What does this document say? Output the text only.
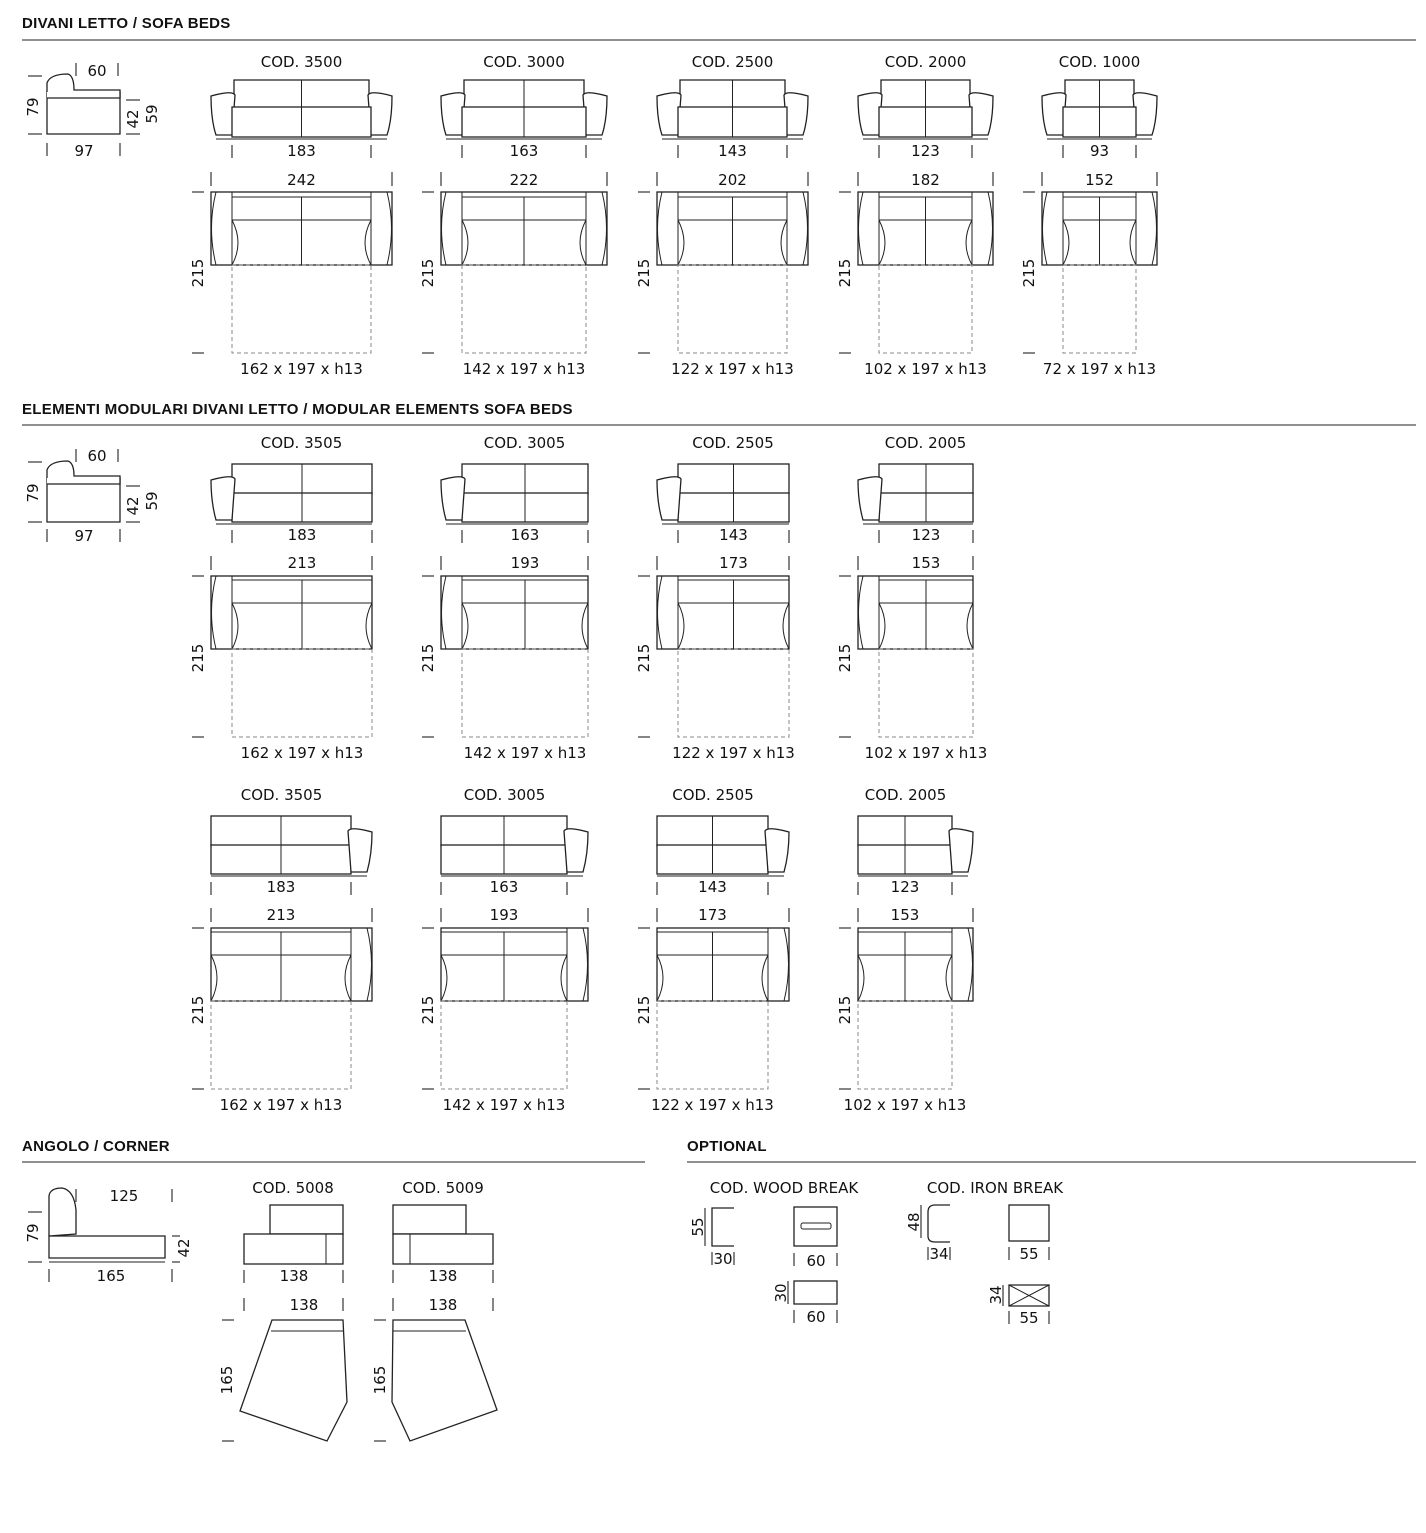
DIVANI LETTO / SOFA BEDS
ELEMENTI MODULARI DIVANI LETTO / MODULAR ELEMENTS SOFA BEDS
ANGOLO / CORNER	OPTIONAL
60
79
42 59
97
60
79
42 59
97
COD. 3500
183
242
215
162 x 197 x h13
COD. 3000
163
222
215
142 x 197 x h13
COD. 2500
143
202
215
122 x 197 x h13
COD. 2000
123
182
215
102 x 197 x h13
COD. 1000
93
152
215
72 x 197 x h13
COD. 3505
183
213
215
162 x 197 x h13
COD. 3005
163
193
215
142 x 197 x h13
COD. 2505
143
173
215
122 x 197 x h13
COD. 2005
123
153
215
102 x 197 x h13
COD. 3505
183
213
215
162 x 197 x h13
COD. 3005
163
193
215
142 x 197 x h13
COD. 2505
143
173
215
122 x 197 x h13
COD. 2005
123
153
215
102 x 197 x h13
125
79
42
165
COD. 5008
138
138
165
COD. 5009
138
138
165
COD. WOOD BREAK
55
30	60
30
60
COD. IRON BREAK
48
34	55
34
55
